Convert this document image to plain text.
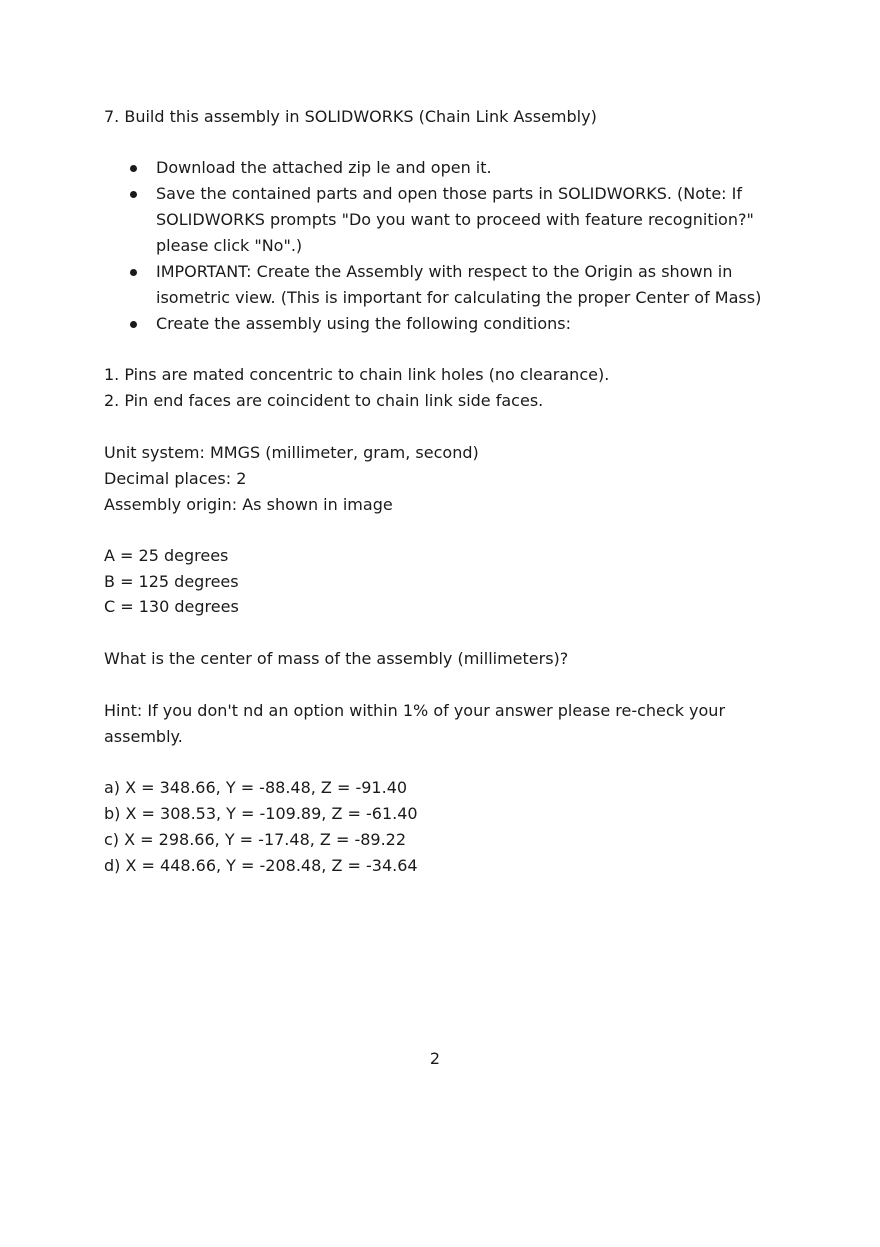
7. Build this assembly in SOLIDWORKS (Chain Link Assembly)
Download the attached zip le and open it.
Save the contained parts and open those parts in SOLIDWORKS. (Note: If SOLIDWORKS prompts "Do you want to proceed with feature recognition?" please click "No".)
IMPORTANT: Create the Assembly with respect to the Origin as shown in isometric view. (This is important for calculating the proper Center of Mass)
Create the assembly using the following conditions:
1. Pins are mated concentric to chain link holes (no clearance).
2. Pin end faces are coincident to chain link side faces.
Unit system: MMGS (millimeter, gram, second)
Decimal places: 2
Assembly origin: As shown in image
A = 25 degrees
B = 125 degrees
C = 130 degrees
What is the center of mass of the assembly (millimeters)?
Hint: If you don't nd an option within 1% of your answer please re-check your
assembly.
a) X = 348.66, Y = -88.48, Z = -91.40
b) X = 308.53, Y = -109.89, Z = -61.40
c) X = 298.66, Y = -17.48, Z = -89.22
d) X = 448.66, Y = -208.48, Z = -34.64
2
